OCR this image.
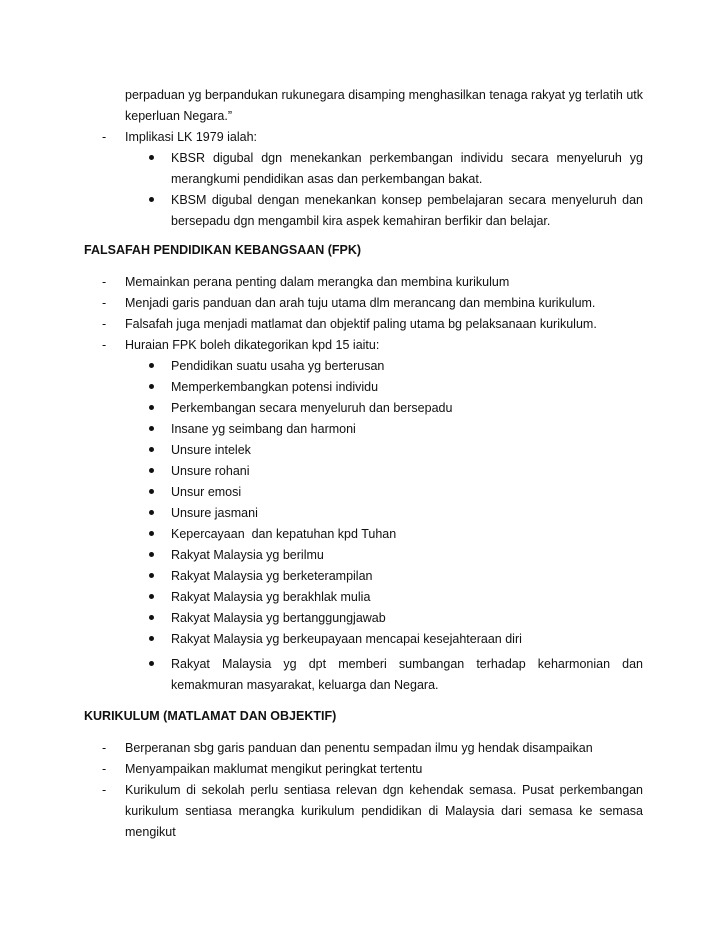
perpaduan yg berpandukan rukunegara disamping menghasilkan tenaga rakyat yg terlatih utk keperluan Negara.”

-	Implikasi LK 1979 ialah:
KBSR digubal dgn menekankan perkembangan individu secara menyeluruh yg merangkumi pendidikan asas dan perkembangan bakat.
KBSM digubal dengan menekankan konsep pembelajaran secara menyeluruh dan bersepadu dgn mengambil kira aspek kemahiran berfikir dan belajar.
FALSAFAH PENDIDIKAN KEBANGSAAN (FPK)
-	Memainkan perana penting dalam merangka dan membina kurikulum
-	Menjadi garis panduan dan arah tuju utama dlm merancang dan membina kurikulum.
-	Falsafah juga menjadi matlamat dan objektif paling utama bg pelaksanaan kurikulum.
-	Huraian FPK boleh dikategorikan kpd 15 iaitu:
Pendidikan suatu usaha yg berterusan
Memperkembangkan potensi individu
Perkembangan secara menyeluruh dan bersepadu
Insane yg seimbang dan harmoni
Unsure intelek
Unsure rohani
Unsur emosi
Unsure jasmani
Kepercayaan  dan kepatuhan kpd Tuhan
Rakyat Malaysia yg berilmu
Rakyat Malaysia yg berketerampilan
Rakyat Malaysia yg berakhlak mulia
Rakyat Malaysia yg bertanggungjawab
Rakyat Malaysia yg berkeupayaan mencapai kesejahteraan diri
Rakyat Malaysia yg dpt memberi sumbangan terhadap keharmonian dan kemakmuran masyarakat, keluarga dan Negara.
KURIKULUM (MATLAMAT DAN OBJEKTIF)
-	Berperanan sbg garis panduan dan penentu sempadan ilmu yg hendak disampaikan
-	Menyampaikan maklumat mengikut peringkat tertentu
-	Kurikulum di sekolah perlu sentiasa relevan dgn kehendak semasa. Pusat perkembangan kurikulum sentiasa merangka kurikulum pendidikan di Malaysia dari semasa ke semasa mengikut
